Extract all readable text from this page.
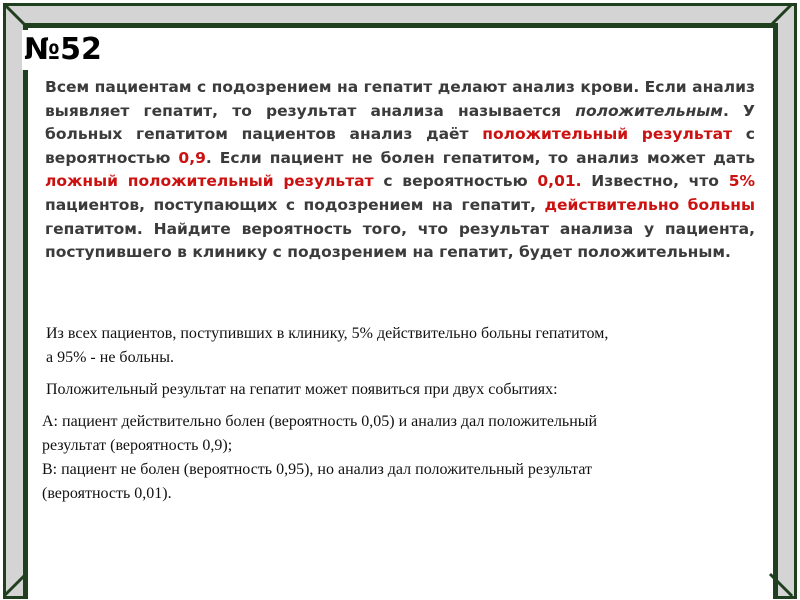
№52
Всем пациентам с подозрением на гепатит делают анализ крови. Если анализ выявляет гепатит, то результат анализа называется положительным. У больных гепатитом пациентов анализ даёт положительный результат с вероятностью 0,9. Если пациент не болен гепатитом, то анализ может дать ложный положительный результат с вероятностью 0,01. Известно, что 5% пациентов, поступающих с подозрением на гепатит, действительно больны гепатитом. Найдите вероятность того, что результат анализа у пациента, поступившего в клинику с подозрением на гепатит, будет положительным.
Из всех пациентов, поступивших в клинику, 5% действительно больны гепатитом,
а 95% - не больны.
Положительный результат на гепатит может появиться при двух событиях:
А: пациент действительно болен (вероятность 0,05) и анализ дал положительный
результат (вероятность 0,9);
В: пациент не болен (вероятность 0,95), но анализ дал положительный результат
(вероятность 0,01).
